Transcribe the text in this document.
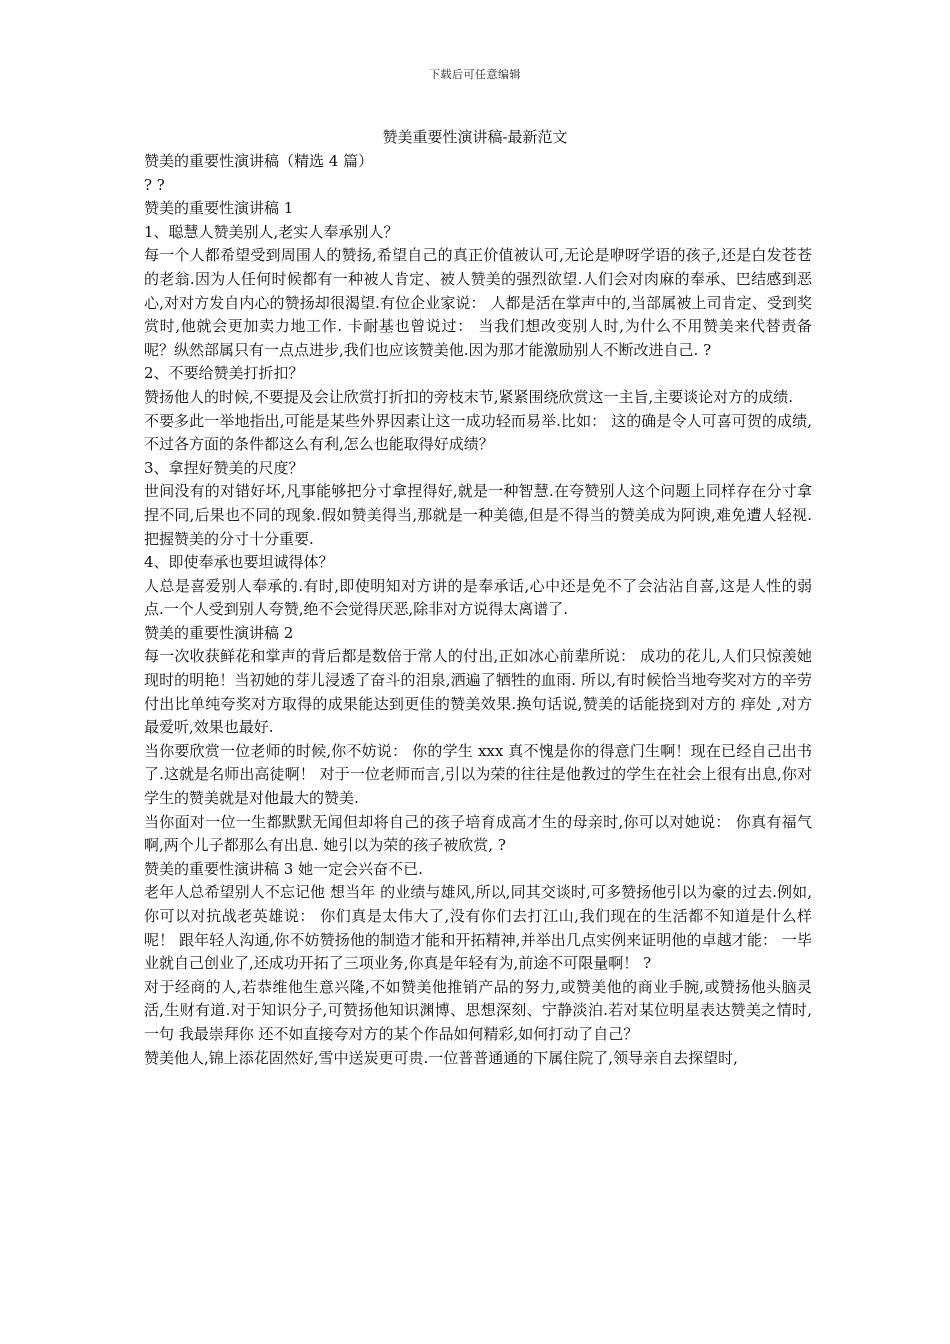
下载后可任意编辑
赞美重要性演讲稿-最新范文

赞美的重要性演讲稿（精选 4 篇）

? ?

赞美的重要性演讲稿 1

1、聪慧人赞美别人,老实人奉承别人？

每一个人都希望受到周围人的赞扬,希望自己的真正价值被认可,无论是咿呀学语的孩子,还是白发苍苍的老翁.因为人任何时候都有一种被人肯定、被人赞美的强烈欲望.人们会对肉麻的奉承、巴结感到恶心,对对方发自内心的赞扬却很渴望.有位企业家说： 人都是活在掌声中的,当部属被上司肯定、受到奖赏时,他就会更加卖力地工作. 卡耐基也曾说过： 当我们想改变别人时,为什么不用赞美来代替责备呢？纵然部属只有一点点进步,我们也应该赞美他.因为那才能激励别人不断改进自己. ?

2、不要给赞美打折扣？

赞扬他人的时候,不要提及会让欣赏打折扣的旁枝末节,紧紧围绕欣赏这一主旨,主要谈论对方的成绩.

不要多此一举地指出,可能是某些外界因素让这一成功轻而易举.比如： 这的确是令人可喜可贺的成绩,不过各方面的条件都这么有利,怎么也能取得好成绩？

3、拿捏好赞美的尺度？

世间没有的对错好坏,凡事能够把分寸拿捏得好,就是一种智慧.在夸赞别人这个问题上同样存在分寸拿捏不同,后果也不同的现象.假如赞美得当,那就是一种美德,但是不得当的赞美成为阿谀,难免遭人轻视.把握赞美的分寸十分重要.

4、即使奉承也要坦诚得体？

人总是喜爱别人奉承的.有时,即使明知对方讲的是奉承话,心中还是免不了会沾沾自喜,这是人性的弱点.一个人受到别人夸赞,绝不会觉得厌恶,除非对方说得太离谱了.

赞美的重要性演讲稿 2

每一次收获鲜花和掌声的背后都是数倍于常人的付出,正如冰心前辈所说： 成功的花儿,人们只惊羡她现时的明艳！当初她的芽儿浸透了奋斗的泪泉,洒遍了牺牲的血雨. 所以,有时候恰当地夸奖对方的辛劳付出比单纯夸奖对方取得的成果能达到更佳的赞美效果.换句话说,赞美的话能挠到对方的 痒处 ,对方最爱听,效果也最好.

当你要欣赏一位老师的时候,你不妨说： 你的学生 xxx 真不愧是你的得意门生啊！现在已经自己出书了.这就是名师出高徒啊！ 对于一位老师而言,引以为荣的往往是他教过的学生在社会上很有出息,你对学生的赞美就是对他最大的赞美.

当你面对一位一生都默默无闻但却将自己的孩子培育成高才生的母亲时,你可以对她说： 你真有福气啊,两个儿子都那么有出息. 她引以为荣的孩子被欣赏, ?

赞美的重要性演讲稿 3 她一定会兴奋不已.

老年人总希望别人不忘记他 想当年 的业绩与雄风,所以,同其交谈时,可多赞扬他引以为豪的过去.例如,你可以对抗战老英雄说： 你们真是太伟大了,没有你们去打江山,我们现在的生活都不知道是什么样呢！ 跟年轻人沟通,你不妨赞扬他的制造才能和开拓精神,并举出几点实例来证明他的卓越才能： 一毕业就自己创业了,还成功开拓了三项业务,你真是年轻有为,前途不可限量啊！ ?

对于经商的人,若恭维他生意兴隆,不如赞美他推销产品的努力,或赞美他的商业手腕,或赞扬他头脑灵活,生财有道.对于知识分子,可赞扬他知识渊博、思想深刻、宁静淡泊.若对某位明星表达赞美之情时,一句 我最崇拜你 还不如直接夸对方的某个作品如何精彩,如何打动了自己？

赞美他人,锦上添花固然好,雪中送炭更可贵.一位普普通通的下属住院了,领导亲自去探望时,
